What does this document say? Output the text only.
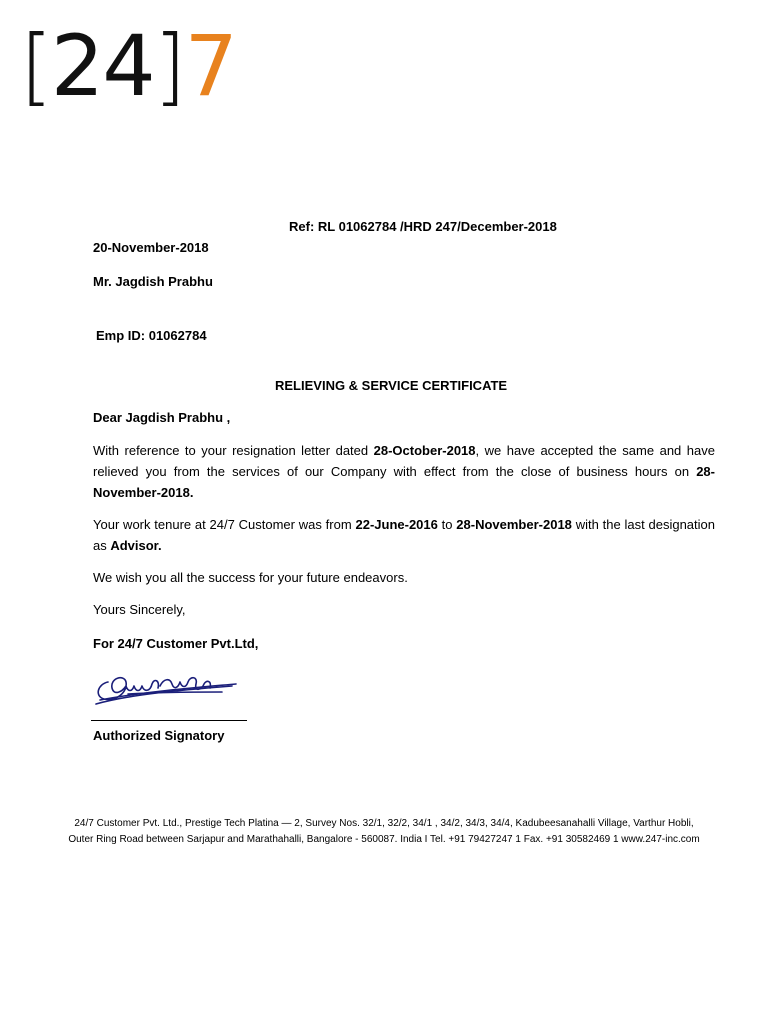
[24]7
Ref: RL 01062784 /HRD 247/December-2018
20-November-2018
Mr. Jagdish Prabhu
Emp ID: 01062784
RELIEVING & SERVICE CERTIFICATE
Dear Jagdish Prabhu ,
With reference to your resignation letter dated 28-October-2018, we have accepted the same and have relieved you from the services of our Company with effect from the close of business hours on 28-November-2018.
Your work tenure at 24/7 Customer was from 22-June-2016 to 28-November-2018 with the last designation as Advisor.
We wish you all the success for your future endeavors.
Yours Sincerely,
For 24/7 Customer Pvt.Ltd,
Authorized Signatory
24/7 Customer Pvt. Ltd., Prestige Tech Platina — 2, Survey Nos. 32/1, 32/2, 34/1 , 34/2, 34/3, 34/4, Kadubeesanahalli Village, Varthur Hobli,
Outer Ring Road between Sarjapur and Marathahalli, Bangalore - 560087. India I Tel. +91 79427247 1 Fax. +91 30582469 1 www.247-inc.com
